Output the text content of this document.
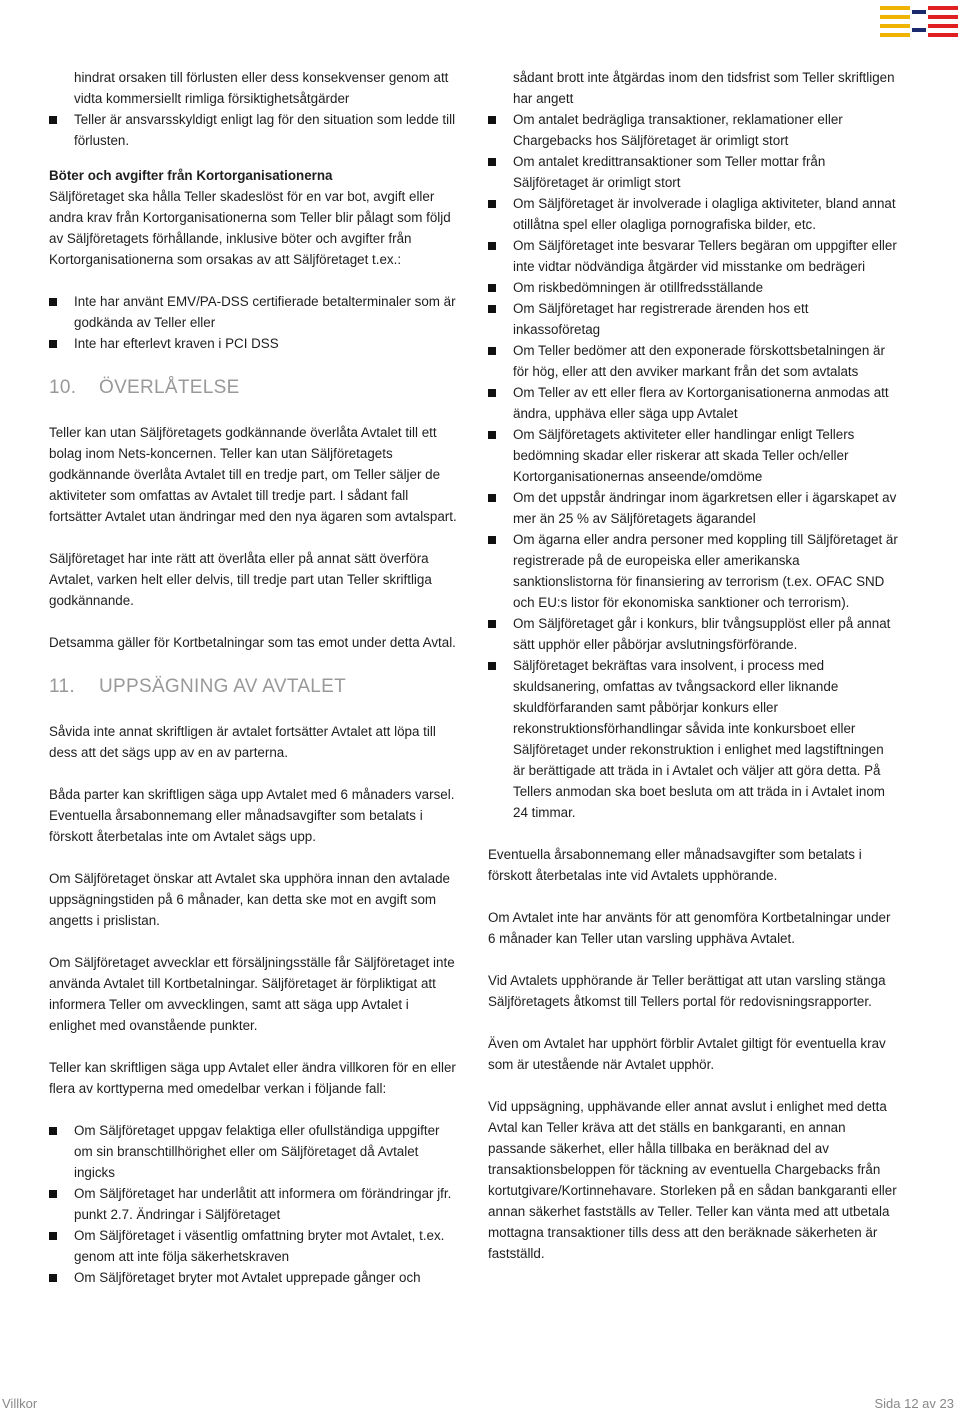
hindrat orsaken till förlusten eller dess konsekvenser genom att vidta kommersiellt rimliga försiktighetsåtgärder
Teller är ansvarsskyldigt enligt lag för den situation som ledde till förlusten.
Böter och avgifter från Kortorganisationerna

Säljföretaget ska hålla Teller skadeslöst för en var bot, avgift eller andra krav från Kortorganisationerna som Teller blir pålagt som följd av Säljföretagets förhållande, inklusive böter och avgifter från Kortorganisationerna som orsakas av att Säljföretaget t.ex.:

Inte har använt EMV/PA-DSS certifierade betalterminaler som är godkända av Teller eller
Inte har efterlevt kraven i PCI DSS
10. ÖVERLÅTELSE

Teller kan utan Säljföretagets godkännande överlåta Avtalet till ett bolag inom Nets-koncernen. Teller kan utan Säljföretagets godkännande överlåta Avtalet till en tredje part, om Teller säljer de aktiviteter som omfattas av Avtalet till tredje part. I sådant fall fortsätter Avtalet utan ändringar med den nya ägaren som avtalspart.

Säljföretaget har inte rätt att överlåta eller på annat sätt överföra Avtalet, varken helt eller delvis, till tredje part utan Teller skriftliga godkännande.

Detsamma gäller för Kortbetalningar som tas emot under detta Avtal.

11. UPPSÄGNING AV AVTALET

Såvida inte annat skriftligen är avtalet fortsätter Avtalet att löpa till dess att det sägs upp av en av parterna.

Båda parter kan skriftligen säga upp Avtalet med 6 månaders varsel. Eventuella årsabonnemang eller månadsavgifter som betalats i förskott återbetalas inte om Avtalet sägs upp.

Om Säljföretaget önskar att Avtalet ska upphöra innan den avtalade uppsägningstiden på 6 månader, kan detta ske mot en avgift som angetts i prislistan.

Om Säljföretaget avvecklar ett försäljningsställe får Säljföretaget inte använda Avtalet till Kortbetalningar. Säljföretaget är förpliktigat att informera Teller om avvecklingen, samt att säga upp Avtalet i enlighet med ovanstående punkter.

Teller kan skriftligen säga upp Avtalet eller ändra villkoren för en eller flera av korttyperna med omedelbar verkan i följande fall:

Om Säljföretaget uppgav felaktiga eller ofullständiga uppgifter om sin branschtillhörighet eller om Säljföretaget då Avtalet ingicks
Om Säljföretaget har underlåtit att informera om förändringar jfr. punkt 2.7. Ändringar i Säljföretaget
Om Säljföretaget i väsentlig omfattning bryter mot Avtalet, t.ex. genom att inte följa säkerhetskraven
Om Säljföretaget bryter mot Avtalet upprepade gånger och
sådant brott inte åtgärdas inom den tidsfrist som Teller skriftligen har angett
Om antalet bedrägliga transaktioner, reklamationer eller Chargebacks hos Säljföretaget är orimligt stort
Om antalet kredittransaktioner som Teller mottar från Säljföretaget är orimligt stort
Om Säljföretaget är involverade i olagliga aktiviteter, bland annat otillåtna spel eller olagliga pornografiska bilder, etc.
Om Säljföretaget inte besvarar Tellers begäran om uppgifter eller inte vidtar nödvändiga åtgärder vid misstanke om bedrägeri
Om riskbedömningen är otillfredsställande
Om Säljföretaget har registrerade ärenden hos ett inkassoföretag
Om Teller bedömer att den exponerade förskottsbetalningen är för hög, eller att den avviker markant från det som avtalats
Om Teller av ett eller flera av Kortorganisationerna anmodas att ändra, upphäva eller säga upp Avtalet
Om Säljföretagets aktiviteter eller handlingar enligt Tellers bedömning skadar eller riskerar att skada Teller och/eller Kortorganisationernas anseende/omdöme
Om det uppstår ändringar inom ägarkretsen eller i ägarskapet av mer än 25 % av Säljföretagets ägarandel
Om ägarna eller andra personer med koppling till Säljföretaget är registrerade på de europeiska eller amerikanska sanktionslistorna för finansiering av terrorism (t.ex. OFAC SND och EU:s listor för ekonomiska sanktioner och terrorism).
Om Säljföretaget går i konkurs, blir tvångsupplöst eller på annat sätt upphör eller påbörjar avslutningsförförande.
Säljföretaget bekräftas vara insolvent, i process med skuldsanering, omfattas av tvångsackord eller liknande skuldförfaranden samt påbörjar konkurs eller rekonstruktionsförhandlingar såvida inte konkursboet eller Säljföretaget under rekonstruktion i enlighet med lagstiftningen är berättigade att träda in i Avtalet och väljer att göra detta. På Tellers anmodan ska boet besluta om att träda in i Avtalet inom 24 timmar.

Eventuella årsabonnemang eller månadsavgifter som betalats i förskott återbetalas inte vid Avtalets upphörande.

Om Avtalet inte har använts för att genomföra Kortbetalningar under 6 månader kan Teller utan varsling upphäva Avtalet.

Vid Avtalets upphörande är Teller berättigat att utan varsling stänga Säljföretagets åtkomst till Tellers portal för redovisningsrapporter.

Även om Avtalet har upphört förblir Avtalet giltigt för eventuella krav som är utestående när Avtalet upphör.

Vid uppsägning, upphävande eller annat avslut i enlighet med detta Avtal kan Teller kräva att det ställs en bankgaranti, en annan passande säkerhet, eller hålla tillbaka en beräknad del av transaktionsbeloppen för täckning av eventuella Chargebacks från kortutgivare/Kortinnehavare. Storleken på en sådan bankgaranti eller annan säkerhet fastställs av Teller. Teller kan vänta med att utbetala mottagna transaktioner tills dess att den beräknade säkerheten är fastställd.

Villkor	Sida 12 av 23
